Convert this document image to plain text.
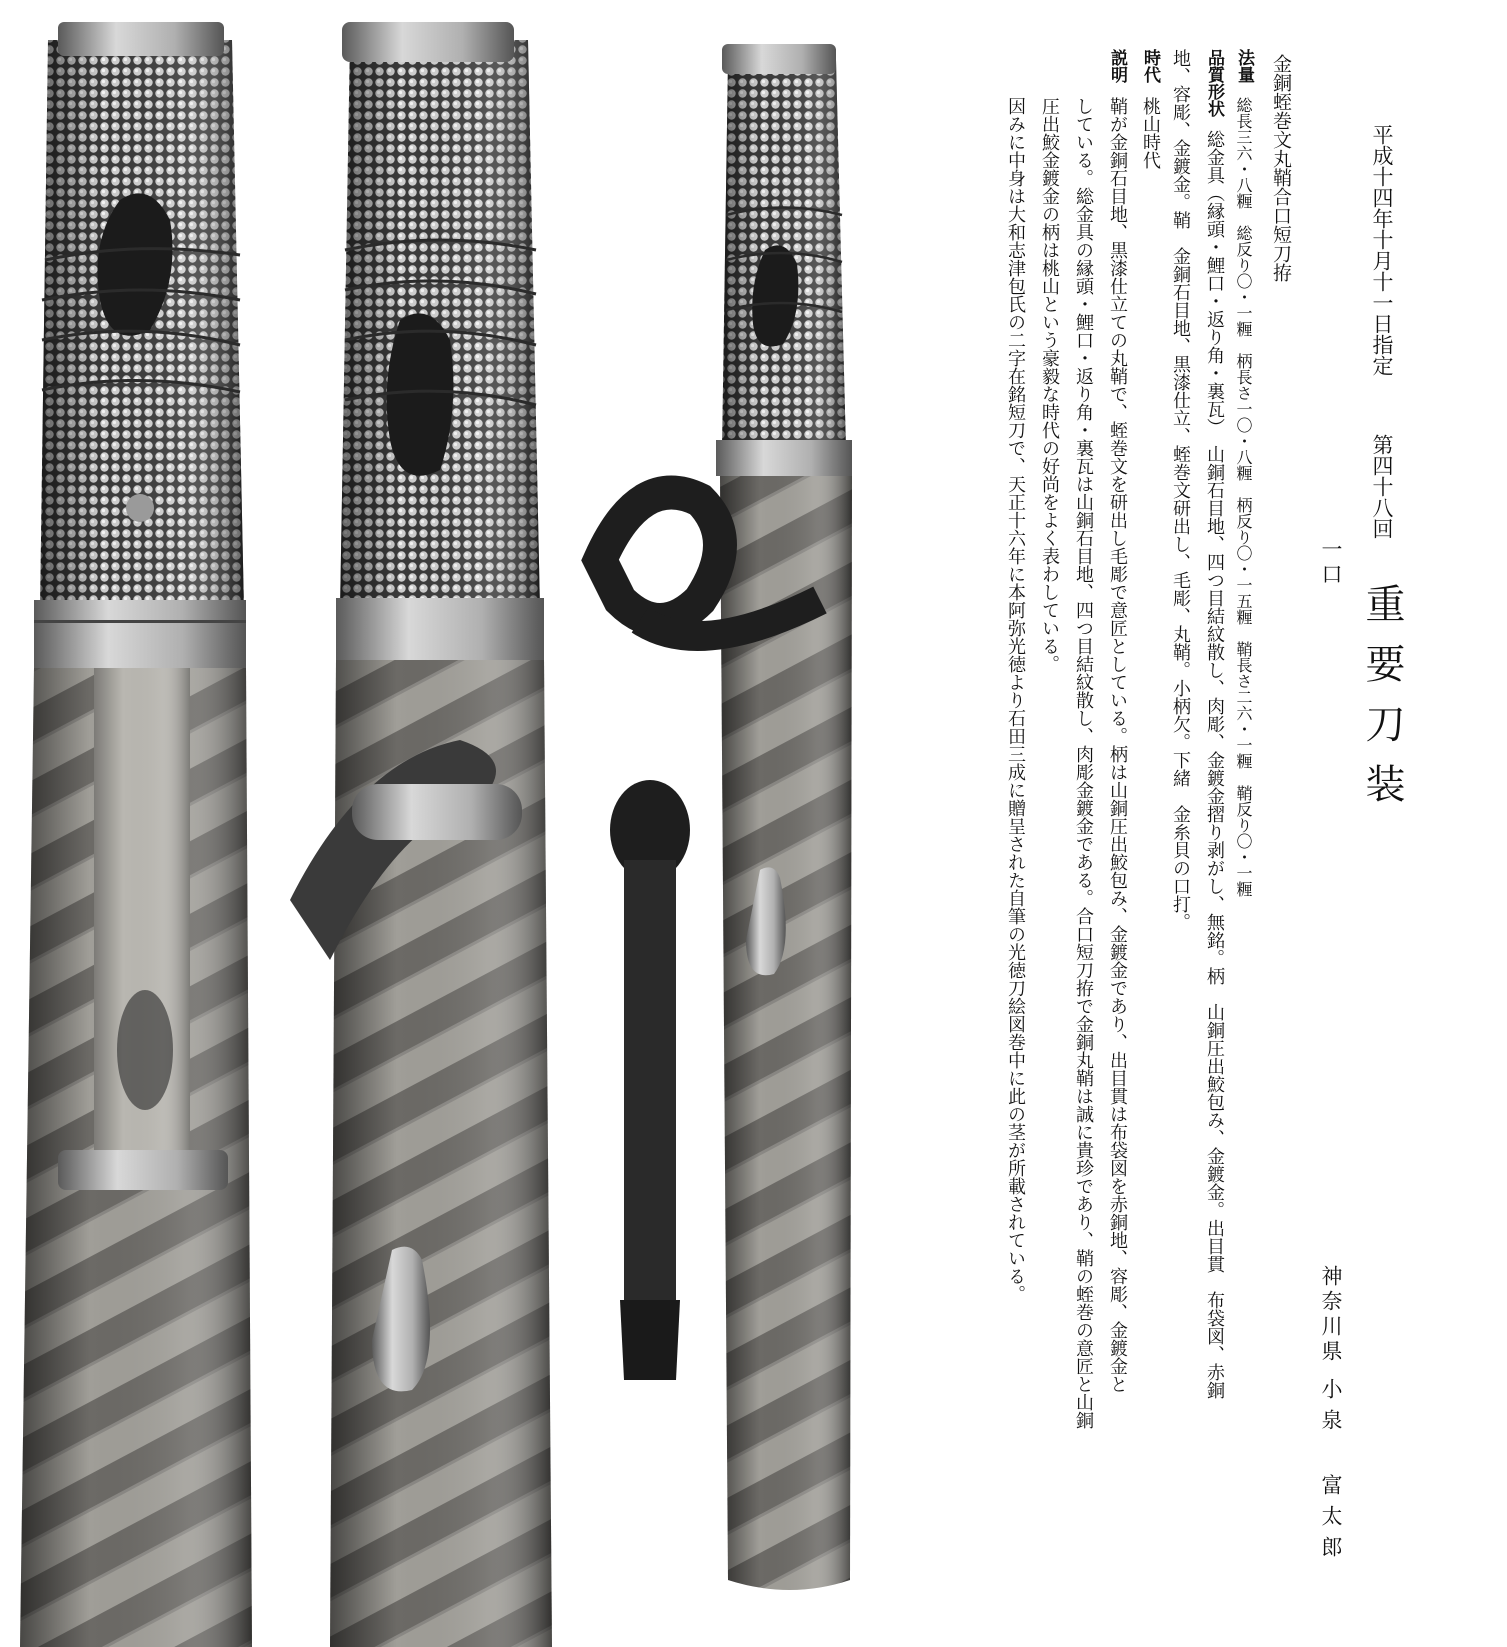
平成十四年十月十一日指定
第四十八回
重要刀装
一口
神奈川県
小泉 富太郎
金銅蛭巻文丸鞘合口短刀拵
法量
総長三六・八糎　総反り〇・一糎　柄長さ一〇・八糎　柄反り〇・一五糎　鞘長さ二六・一糎　鞘反り〇・一糎
品質形状
総金具（縁頭・鯉口・返り角・裏瓦）　山銅石目地、四つ目結紋散し、肉彫、金鍍金摺り剥がし、無銘。柄　山銅圧出鮫包み、金鍍金。出目貫　布袋図、赤銅
地、容彫、金鍍金。鞘　金銅石目地、黒漆仕立、蛭巻文研出し、毛彫、丸鞘。小柄欠。下緒　金糸貝の口打。
時代
桃山時代
説明
鞘が金銅石目地、黒漆仕立ての丸鞘で、蛭巻文を研出し毛彫で意匠としている。柄は山銅圧出鮫包み、金鍍金であり、出目貫は布袋図を赤銅地、容彫、金鍍金と
している。総金具の縁頭・鯉口・返り角・裏瓦は山銅石目地、四つ目結紋散し、肉彫金鍍金である。合口短刀拵で金銅丸鞘は誠に貴珍であり、鞘の蛭巻の意匠と山銅
圧出鮫金鍍金の柄は桃山という豪毅な時代の好尚をよく表わしている。
因みに中身は大和志津包氏の二字在銘短刀で、天正十六年に本阿弥光徳より石田三成に贈呈された自筆の光徳刀絵図巻中に此の茎が所載されている。
